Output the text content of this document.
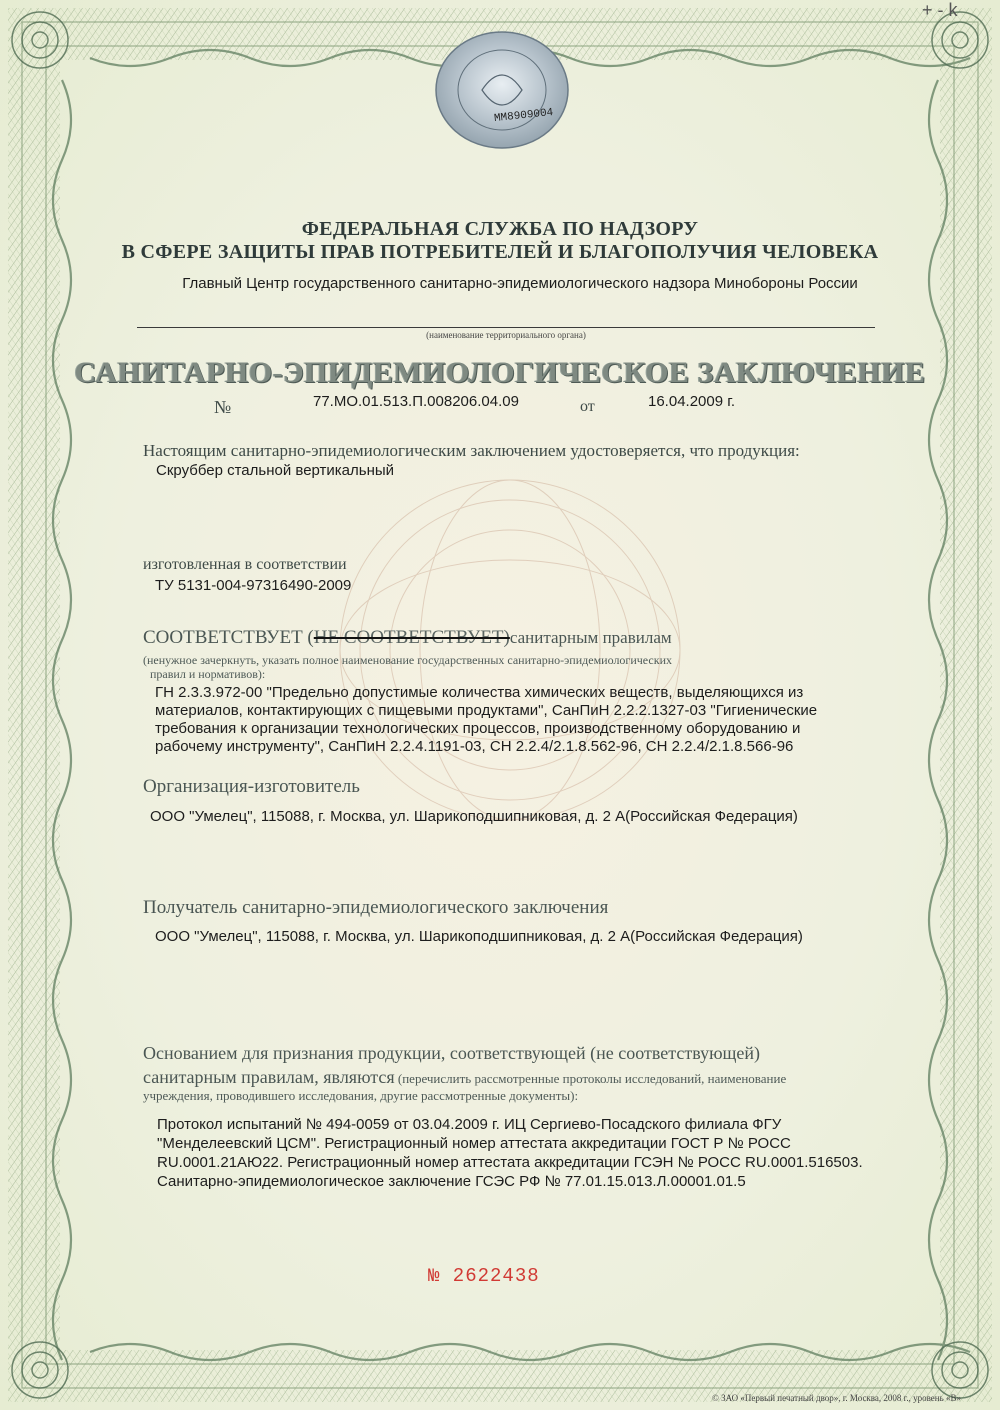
MM8909004
+ - k
ФЕДЕРАЛЬНАЯ СЛУЖБА ПО НАДЗОРУ
В СФЕРЕ ЗАЩИТЫ ПРАВ ПОТРЕБИТЕЛЕЙ И БЛАГОПОЛУЧИЯ ЧЕЛОВЕКА
Главный Центр государственного санитарно-эпидемиологического надзора Минобороны России
(наименование территориального органа)
САНИТАРНО-ЭПИДЕМИОЛОГИЧЕСКОЕ ЗАКЛЮЧЕНИЕ
№	77.МО.01.513.П.008206.04.09	от	16.04.2009 г.
Настоящим санитарно-эпидемиологическим заключением удостоверяется, что продукция:
Скруббер стальной вертикальный
изготовленная в соответствии
ТУ 5131-004-97316490-2009
СООТВЕТСТВУЕТ (НЕ СООТВЕТСТВУЕТ)санитарным правилам
(ненужное зачеркнуть, указать полное наименование государственных санитарно-эпидемиологических
правил и нормативов):
ГН 2.3.3.972-00 "Предельно допустимые количества химических веществ, выделяющихся из
материалов, контактирующих с пищевыми продуктами", СанПиН 2.2.2.1327-03 "Гигиенические
требования к организации технологических процессов, производственному оборудованию и
рабочему инструменту", СанПиН 2.2.4.1191-03, СН 2.2.4/2.1.8.562-96, СН 2.2.4/2.1.8.566-96
Организация-изготовитель
ООО "Умелец", 115088, г. Москва, ул. Шарикоподшипниковая, д. 2 А(Российская Федерация)
Получатель санитарно-эпидемиологического заключения
ООО "Умелец", 115088, г. Москва, ул. Шарикоподшипниковая, д. 2 А(Российская Федерация)
Основанием для признания продукции, соответствующей (не соответствующей)
санитарным правилам, являются (перечислить рассмотренные протоколы исследований, наименование
учреждения, проводившего исследования, другие рассмотренные документы):
Протокол испытаний № 494-0059 от 03.04.2009 г. ИЦ Сергиево-Посадского филиала ФГУ
"Менделеевский ЦСМ". Регистрационный номер аттестата аккредитации ГОСТ Р № РОСС
RU.0001.21АЮ22. Регистрационный номер аттестата аккредитации ГСЭН № РОСС RU.0001.516503.
Санитарно-эпидемиологическое заключение ГСЭС РФ № 77.01.15.013.Л.00001.01.5
№ 2622438
© ЗАО «Первый печатный двор», г. Москва, 2008 г., уровень «В»
